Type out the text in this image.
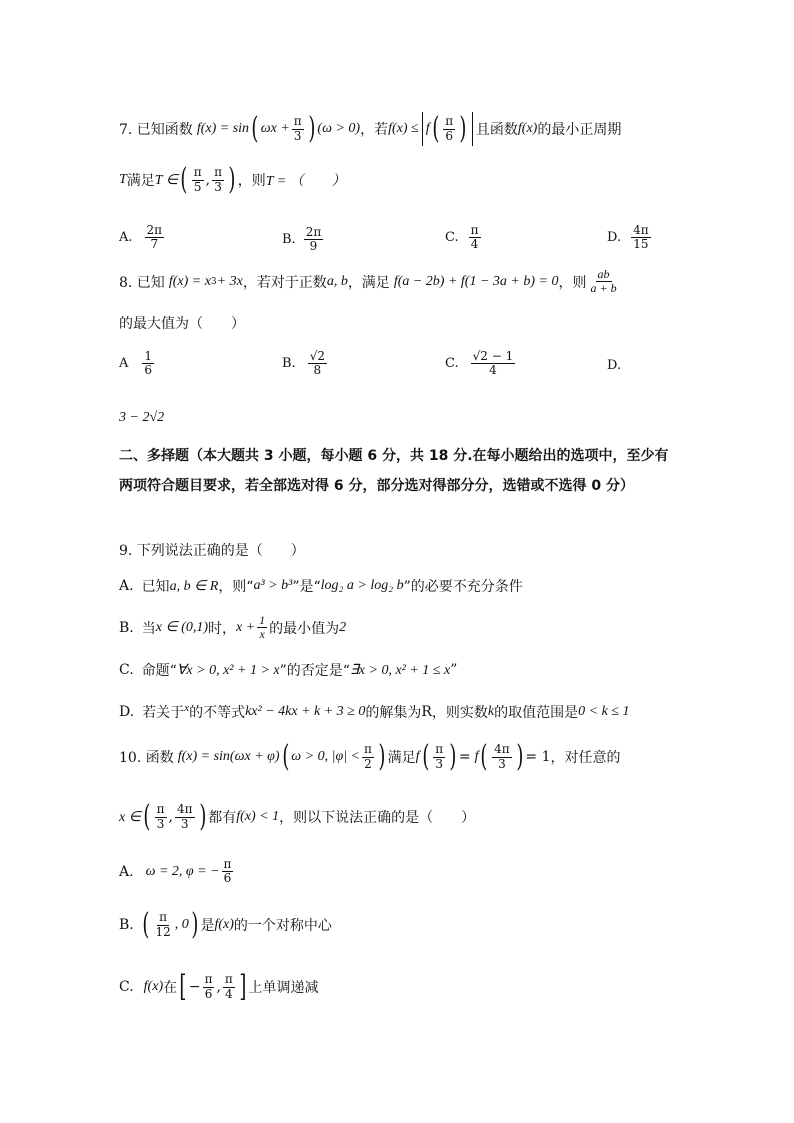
7. 已知函数 f(x) = sin ( $\omega x + \frac{\pi}{3}$ ) (ω > 0) ，若 f(x) ≤ f ( $\frac{\pi}{6}$ ) 且函数 f(x) 的最小正周期
T 满足 T ∈ ( $\frac{\pi}{5}$ , $\frac{\pi}{3}$ ) ，则 T = （　　）
A. $\frac{2\pi}{7}$	B. $\frac{2\pi}{9}$	C. $\frac{\pi}{4}$	D. $\frac{4\pi}{15}$
8. 已知 f(x) = x 3 + 3x ，若对于正数 a, b ，满足 f(a − 2b) + f(1 − 3a + b) = 0 ，则 $\frac{ab}{a + b}$
的最大值为（　　）
A $\frac{1}{6}$	B. $\frac{√2}{8}$	C. $\frac{√2 - 1}{4}$	D.
3 − 2√2
二、多择题（本大题共 3 小题，每小题 6 分，共 18 分.在每小题给出的选项中，至少有两项符合题目要求，若全部选对得 6 分，部分选对得部分分，选错或不选得 0 分）
9. 下列说法正确的是（　　）
A. 已知 a, b ∈ R ，则“ a³ > b³ ”是“ log₂ a > log₂ b ”的必要不充分条件
B. 当 x ∈ (0,1) 时， $x + \frac{1}{x}$ 的最小值为 2
C. 命题“ ∀x > 0, x² + 1 > x ”的否定是“ ∃x > 0, x² + 1 ≤ x ”
D. 若关于 x 的不等式 kx² − 4kx + k + 3 ≥ 0 的解集为 R ，则实数 k 的取值范围是 0 < k ≤ 1
10. 函数 f(x) = sin(ωx + φ) ( ω > 0, $|\varphi| < \frac{\pi}{2}$ ) 满足 f ( $\frac{\pi}{3}$ ) = f ( $\frac{4\pi}{3}$ ) = 1 ，对任意的
x ∈ ( $\frac{\pi}{3}$ , $\frac{4\pi}{3}$ ) 都有 f(x) < 1 ，则以下说法正确的是（　　）
A. ω = 2, φ = − $\frac{\pi}{6}$
B. ( $\frac{\pi}{12}$ , 0 ) 是 f(x) 的一个对称中心
C. f(x) 在 [ − $\frac{\pi}{6}$ , $\frac{\pi}{4}$ ] 上单调递减
